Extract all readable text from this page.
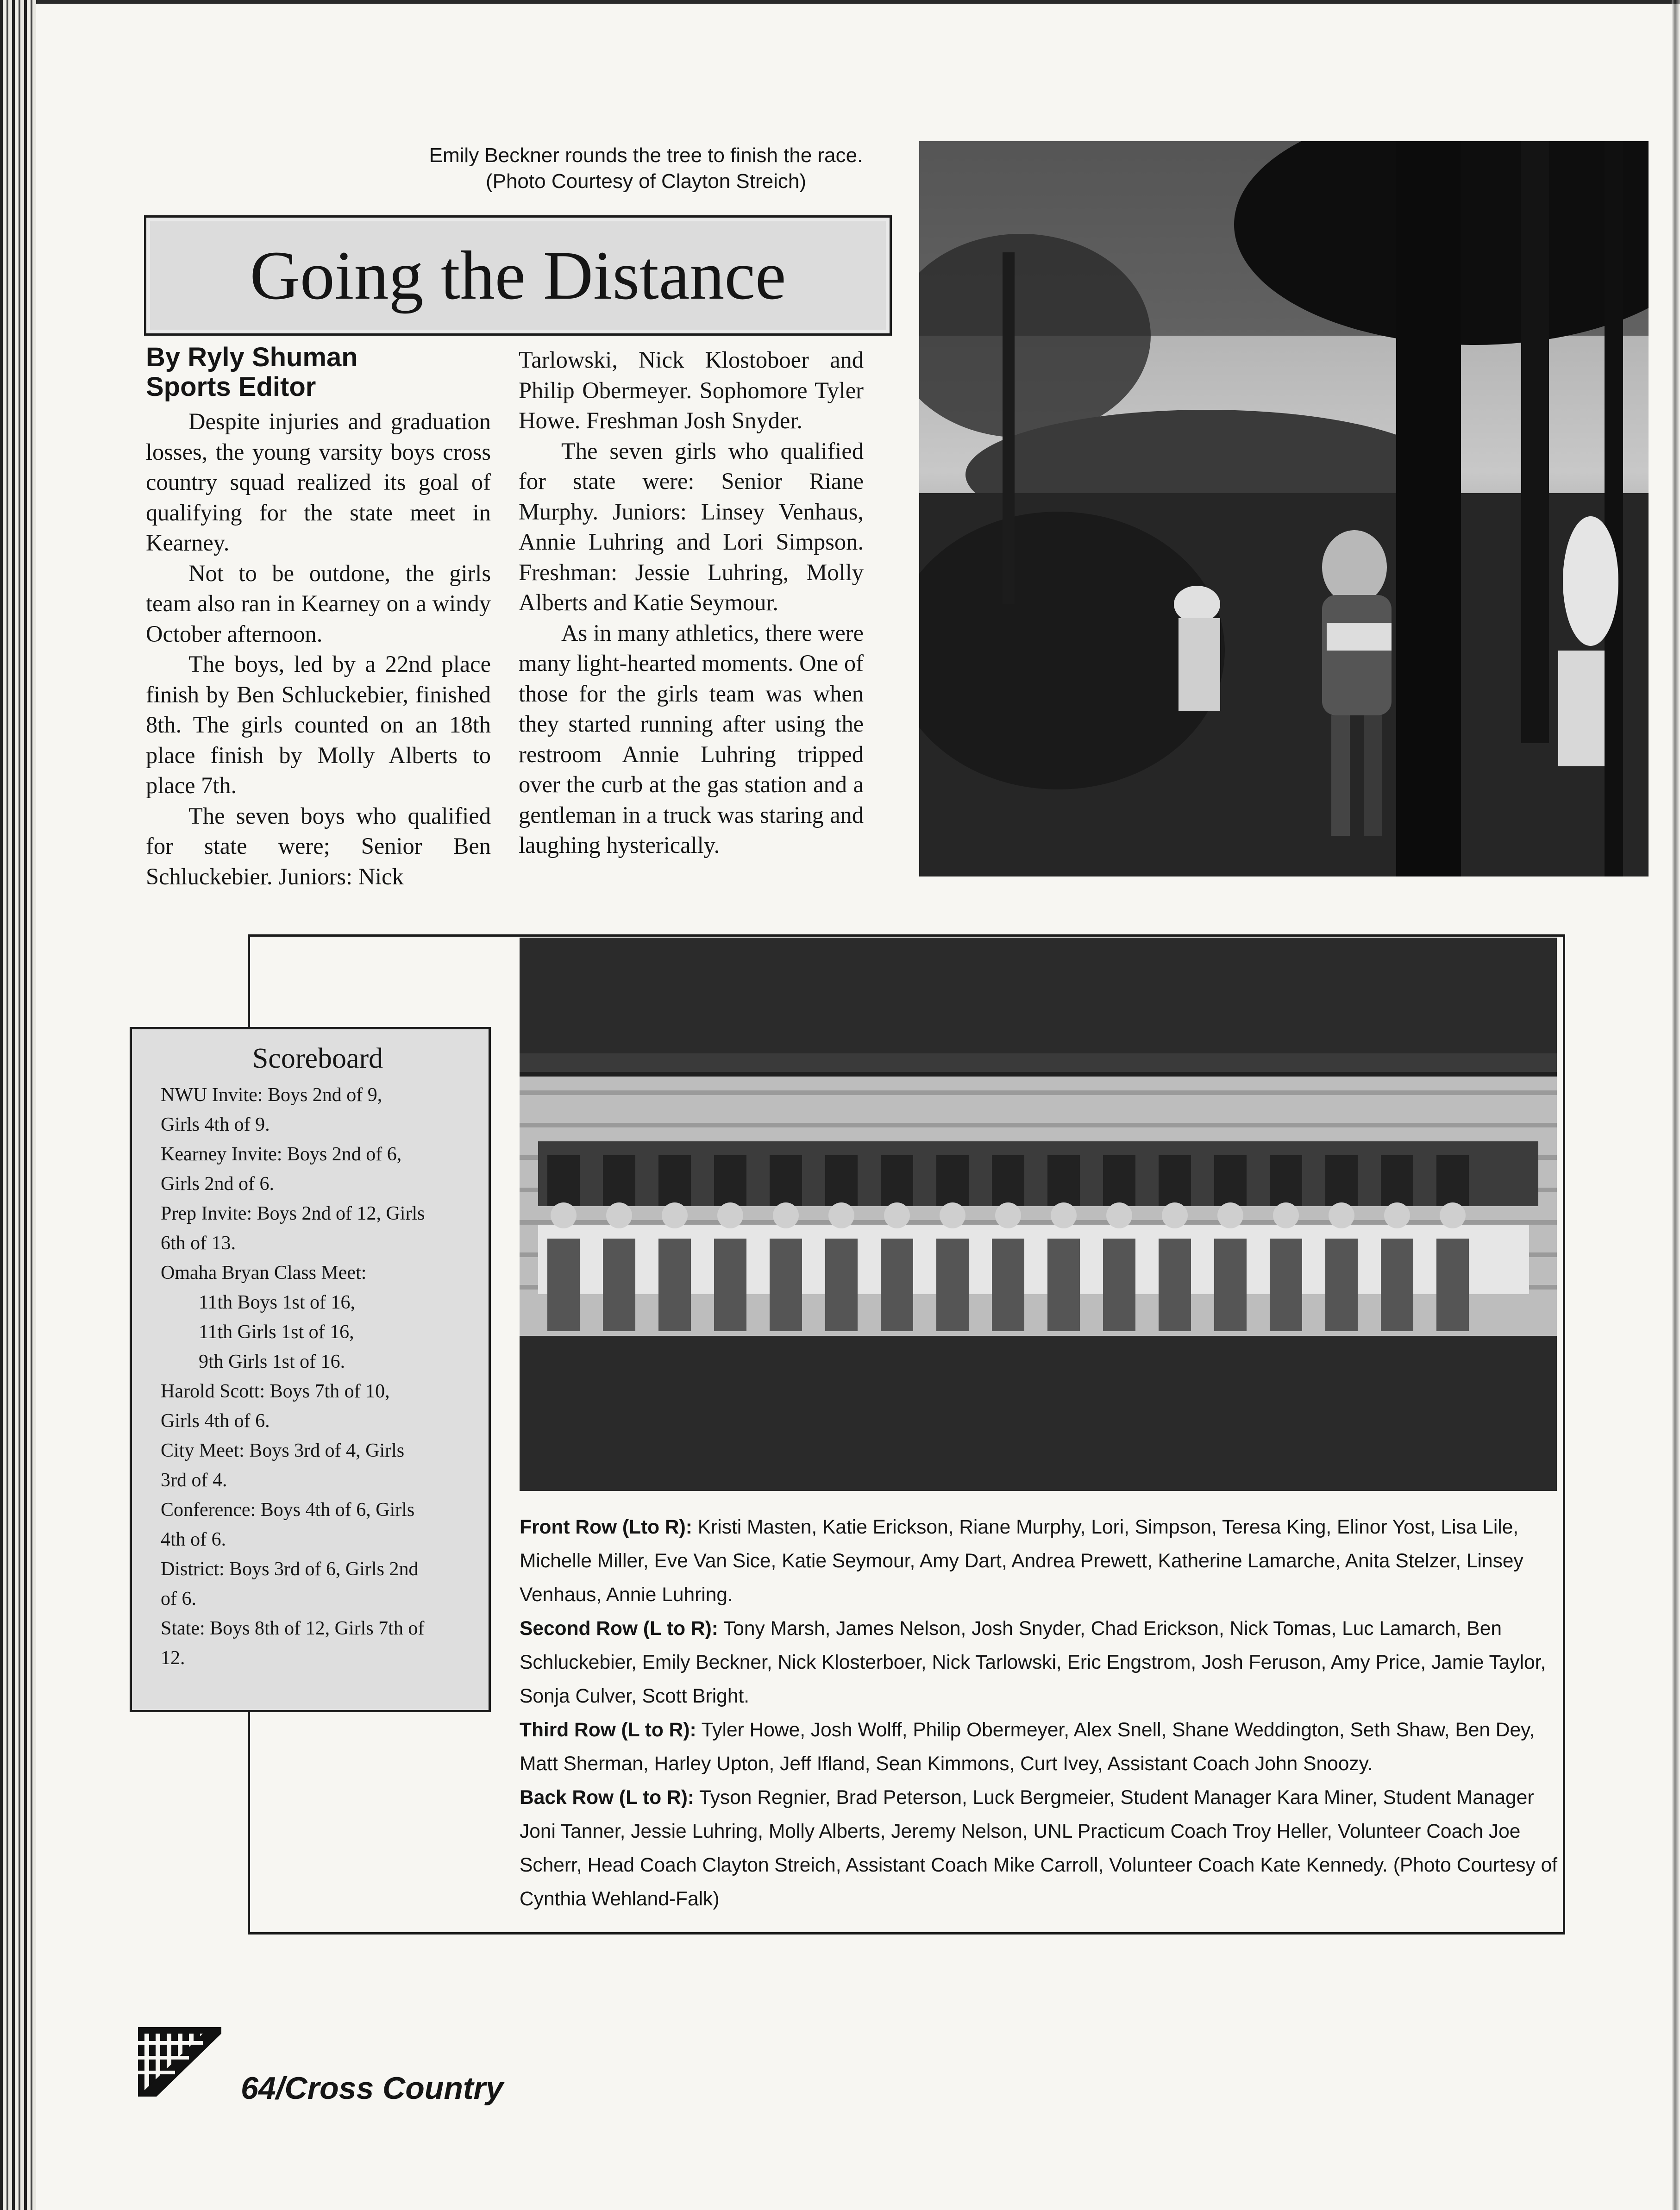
Emily Beckner rounds the tree to finish the race.
(Photo Courtesy of Clayton Streich)
Going the Distance
By Ryly Shuman
Sports Editor

Despite injuries and graduation losses, the young varsity boys cross country squad realized its goal of qualifying for the state meet in Kearney.

Not to be outdone, the girls team also ran in Kearney on a windy October afternoon.

The boys, led by a 22nd place finish by Ben Schluckebier, finished 8th. The girls counted on an 18th place finish by Molly Alberts to place 7th.

The seven boys who qualified for state were; Senior Ben Schluckebier. Juniors: Nick

Tarlowski, Nick Klostoboer and Philip Obermeyer. Sophomore Tyler Howe. Freshman Josh Snyder.

The seven girls who qualified for state were: Senior Riane Murphy. Juniors: Linsey Venhaus, Annie Luhring and Lori Simpson. Freshman: Jessie Luhring, Molly Alberts and Katie Seymour.

As in many athletics, there were many light-hearted moments. One of those for the girls team was when they started running after using the restroom Annie Luhring tripped over the curb at the gas station and a gentleman in a truck was staring and laughing hysterically.

Scoreboard
NWU Invite: Boys 2nd of 9,
Girls 4th of 9.
Kearney Invite: Boys 2nd of 6,
Girls 2nd of 6.
Prep Invite: Boys 2nd of 12, Girls
6th of 13.
Omaha Bryan Class Meet:
11th Boys 1st of 16,
11th Girls 1st of 16,
9th Girls 1st of 16.
Harold Scott: Boys 7th of 10,
Girls 4th of 6.
City Meet: Boys 3rd of 4, Girls
3rd of 4.
Conference: Boys 4th of 6, Girls
4th of 6.
District: Boys 3rd of 6, Girls 2nd
of 6.
State: Boys 8th of 12, Girls 7th of
12.

Front Row (Lto R): Kristi Masten, Katie Erickson, Riane Murphy, Lori, Simpson, Teresa King, Elinor Yost, Lisa Lile, Michelle Miller, Eve Van Sice, Katie Seymour, Amy Dart, Andrea Prewett, Katherine Lamarche, Anita Stelzer, Linsey Venhaus, Annie Luhring.

Second Row (L to R): Tony Marsh, James Nelson, Josh Snyder, Chad Erickson, Nick Tomas, Luc Lamarch, Ben Schluckebier, Emily Beckner, Nick Klosterboer, Nick Tarlowski, Eric Engstrom, Josh Feruson, Amy Price, Jamie Taylor, Sonja Culver, Scott Bright.

Third Row (L to R): Tyler Howe, Josh Wolff, Philip Obermeyer, Alex Snell, Shane Weddington, Seth Shaw, Ben Dey, Matt Sherman, Harley Upton, Jeff Ifland, Sean Kimmons, Curt Ivey, Assistant Coach John Snoozy.

Back Row (L to R): Tyson Regnier, Brad Peterson, Luck Bergmeier, Student Manager Kara Miner, Student Manager Joni Tanner, Jessie Luhring, Molly Alberts, Jeremy Nelson, UNL Practicum Coach Troy Heller, Volunteer Coach Joe Scherr, Head Coach Clayton Streich, Assistant Coach Mike Carroll, Volunteer Coach Kate Kennedy. (Photo Courtesy of Cynthia Wehland-Falk)

64/Cross Country
